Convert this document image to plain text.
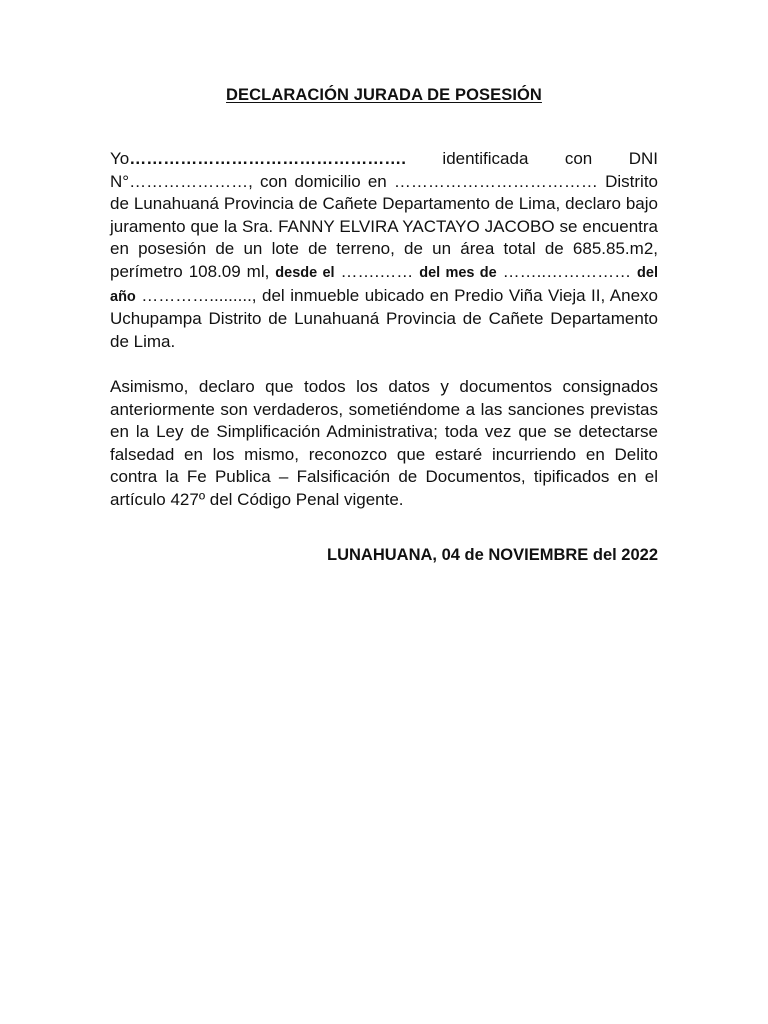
DECLARACIÓN JURADA DE POSESIÓN

Yo…………………………………………. identificada con DNI N°…………………, con domicilio en ……………………………… Distrito de Lunahuaná Provincia de Cañete Departamento de Lima, declaro bajo juramento que la Sra. FANNY ELVIRA YACTAYO JACOBO se encuentra en posesión de un lote de terreno, de un área total de 685.85.m2, perímetro 108.09 ml, desde el …….…… del mes de ……..…………… del año …………........., del inmueble ubicado en Predio Viña Vieja II, Anexo Uchupampa Distrito de Lunahuaná Provincia de Cañete Departamento de Lima.

Asimismo, declaro que todos los datos y documentos consignados anteriormente son verdaderos, sometiéndome a las sanciones previstas en la Ley de Simplificación Administrativa; toda vez que se detectarse falsedad en los mismo, reconozco que estaré incurriendo en Delito contra la Fe Publica – Falsificación de Documentos, tipificados en el artículo 427º del Código Penal vigente.

LUNAHUANA, 04 de NOVIEMBRE del 2022
